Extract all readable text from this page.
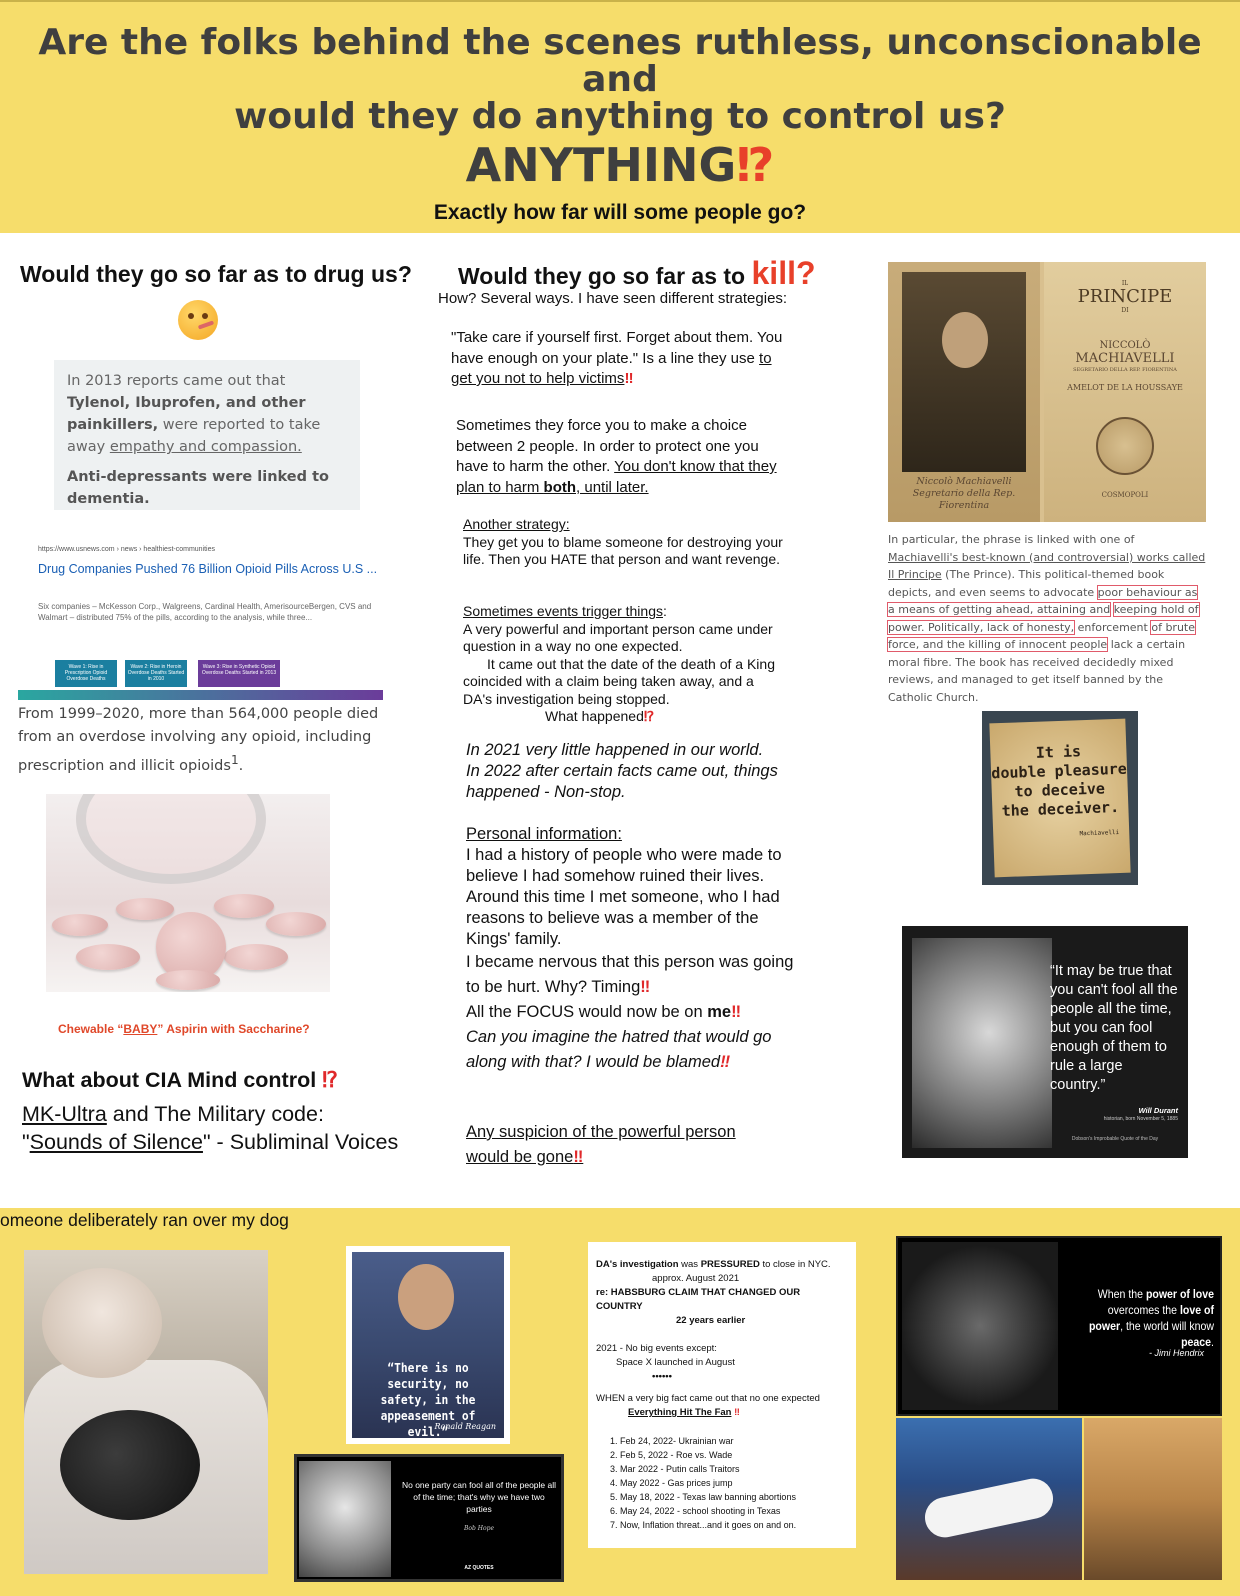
Are the folks behind the scenes ruthless, unconscionable and
would they do anything to control us?
ANYTHING⁉
Exactly how far will some people go?
Would they go so far as to drug us?
In 2013 reports came out that Tylenol, Ibuprofen, and other painkillers, were reported to take away empathy and compassion.
Anti-depressants were linked to dementia.
https://www.usnews.com › news › healthiest-communities
Drug Companies Pushed 76 Billion Opioid Pills Across U.S ...
Six companies – McKesson Corp., Walgreens, Cardinal Health, AmerisourceBergen, CVS and Walmart – distributed 75% of the pills, according to the analysis, while three...
Wave 1: Rise in Prescription Opioid Overdose Deaths
Wave 2: Rise in Heroin Overdose Deaths Started in 2010
Wave 3: Rise in Synthetic Opioid Overdose Deaths Started in 2013
From 1999–2020, more than 564,000 people died from an overdose involving any opioid, including prescription and illicit opioids$^1$.
Chewable “BABY” Aspirin with Saccharine?
What about CIA Mind control ⁉
MK-Ultra and The Military code:
"Sounds of Silence" - Subliminal Voices
Would they go so far as to kill?
How? Several ways. I have seen different strategies:
"Take care if yourself first. Forget about them. You have enough on your plate." Is a line they use to get you not to help victims‼
Sometimes they force you to make a choice between 2 people. In order to protect one you have to harm the other. You don't know that they plan to harm both, until later.
Another strategy:
They get you to blame someone for destroying your life. Then you HATE that person and want revenge.
Sometimes events trigger things:
A very powerful and important person came under question in a way no one expected.
It came out that the date of the death of a King coincided with a claim being taken away, and a DA's investigation being stopped.
What happened⁉
In 2021 very little happened in our world.
In 2022 after certain facts came out, things happened - Non-stop.
Personal information:
I had a history of people who were made to believe I had somehow ruined their lives.
Around this time I met someone, who I had reasons to believe was a member of the Kings' family.
I became nervous that this person was going to be hurt. Why? Timing‼
All the FOCUS would now be on me‼
Can you imagine the hatred that would go along with that? I would be blamed‼
Any suspicion of the powerful person would be gone‼
Niccolò Machiavelli Segretario della Rep. Fiorentina
IL
PRINCIPE
DI
NICCOLÒ
MACHIAVELLI
SEGRETARIO DELLA REP. FIORENTINA
AMELOT DE LA HOUSSAYE
COSMOPOLI
In particular, the phrase is linked with one of Machiavelli's best-known (and controversial) works called Il Principe (The Prince). This political-themed book depicts, and even seems to advocate poor behaviour as a means of getting ahead, attaining and keeping hold of power. Politically, lack of honesty, enforcement of brute force, and the killing of innocent people lack a certain moral fibre. The book has received decidedly mixed reviews, and managed to get itself banned by the Catholic Church.
It is
double pleasure
to deceive
the deceiver.
Machiavelli
“It may be true that you can't fool all the people all the time, but you can fool enough of them to rule a large country.”
Will Durant
historian, born November 5, 1885
Dobson's Improbable Quote of the Day
omeone deliberately ran over my dog
“There is no security, no safety, in the appeasement of evil.”
Ronald Reagan
No one party can fool all of the people all of the time; that's why we have two parties
Bob Hope
AZ QUOTES
DA's investigation was PRESSURED to close in NYC.
approx. August 2021
re: HABSBURG CLAIM THAT CHANGED OUR COUNTRY
22 years earlier
2021 - No big events except:
Space X launched in August
••••••
WHEN a very big fact came out that no one expected
Everything Hit The Fan ‼
1. Feb 24, 2022- Ukrainian war
2. Feb 5, 2022 - Roe vs. Wade
3. Mar 2022 - Putin calls Traitors
4. May 2022 - Gas prices jump
5. May 18, 2022 - Texas law banning abortions
6. May 24, 2022 - school shooting in Texas
7. Now, Inflation threat...and it goes on and on.
When the power of love overcomes the love of power, the world will know peace.
- Jimi Hendrix
